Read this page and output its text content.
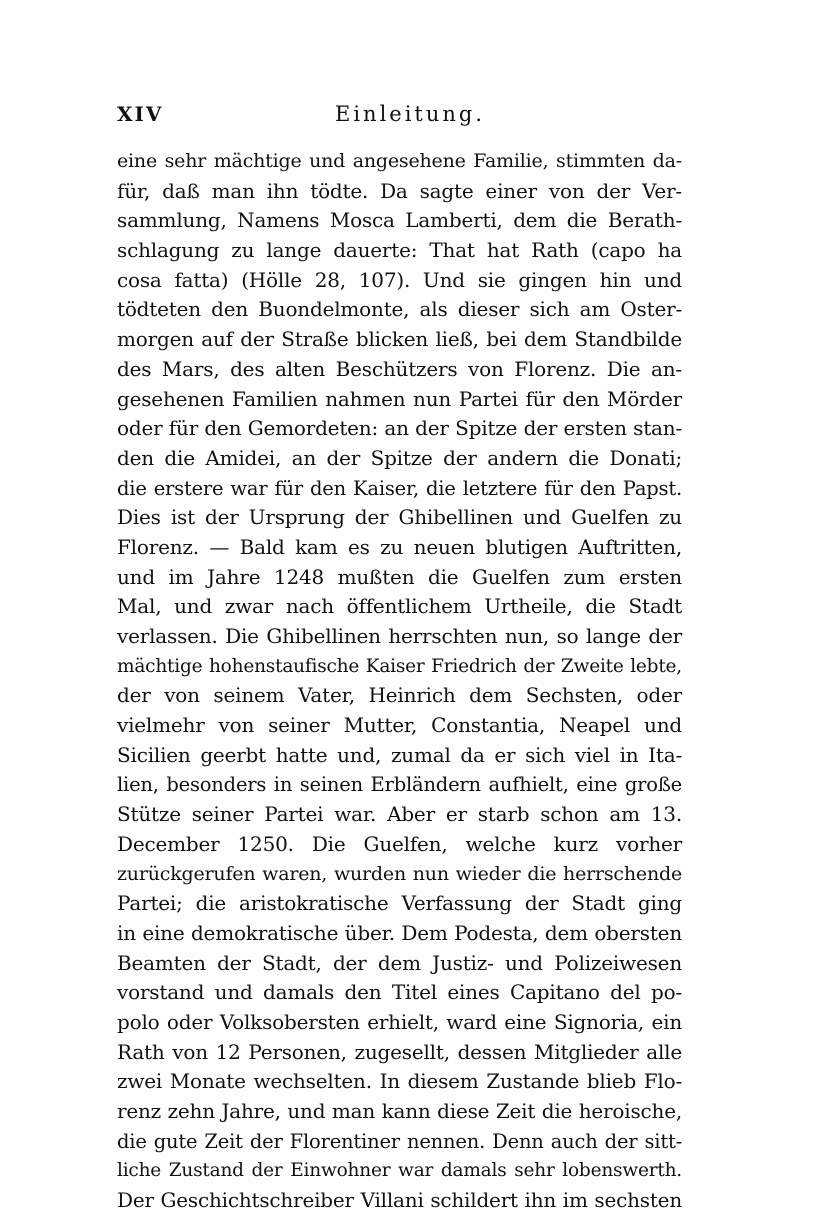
XIV	Einleitung.
eine sehr mächtige und angesehene Familie, stimmten da-
für, daß man ihn tödte. Da sagte einer von der Ver-
sammlung, Namens Mosca Lamberti, dem die Berath-
schlagung zu lange dauerte: That hat Rath (capo ha
cosa fatta) (Hölle 28, 107). Und sie gingen hin und
tödteten den Buondelmonte, als dieser sich am Oster-
morgen auf der Straße blicken ließ, bei dem Standbilde
des Mars, des alten Beschützers von Florenz. Die an-
gesehenen Familien nahmen nun Partei für den Mörder
oder für den Gemordeten: an der Spitze der ersten stan-
den die Amidei, an der Spitze der andern die Donati;
die erstere war für den Kaiser, die letztere für den Papst.
Dies ist der Ursprung der Ghibellinen und Guelfen zu
Florenz. — Bald kam es zu neuen blutigen Auftritten,
und im Jahre 1248 mußten die Guelfen zum ersten
Mal, und zwar nach öffentlichem Urtheile, die Stadt
verlassen. Die Ghibellinen herrschten nun, so lange der
mächtige hohenstaufische Kaiser Friedrich der Zweite lebte,
der von seinem Vater, Heinrich dem Sechsten, oder
vielmehr von seiner Mutter, Constantia, Neapel und
Sicilien geerbt hatte und, zumal da er sich viel in Ita-
lien, besonders in seinen Erbländern aufhielt, eine große
Stütze seiner Partei war. Aber er starb schon am 13.
December 1250. Die Guelfen, welche kurz vorher
zurückgerufen waren, wurden nun wieder die herrschende
Partei; die aristokratische Verfassung der Stadt ging
in eine demokratische über. Dem Podesta, dem obersten
Beamten der Stadt, der dem Justiz- und Polizeiwesen
vorstand und damals den Titel eines Capitano del po-
polo oder Volksobersten erhielt, ward eine Signoria, ein
Rath von 12 Personen, zugesellt, dessen Mitglieder alle
zwei Monate wechselten. In diesem Zustande blieb Flo-
renz zehn Jahre, und man kann diese Zeit die heroische,
die gute Zeit der Florentiner nennen. Denn auch der sitt-
liche Zustand der Einwohner war damals sehr lobenswerth.
Der Geschichtschreiber Villani schildert ihn im sechsten
